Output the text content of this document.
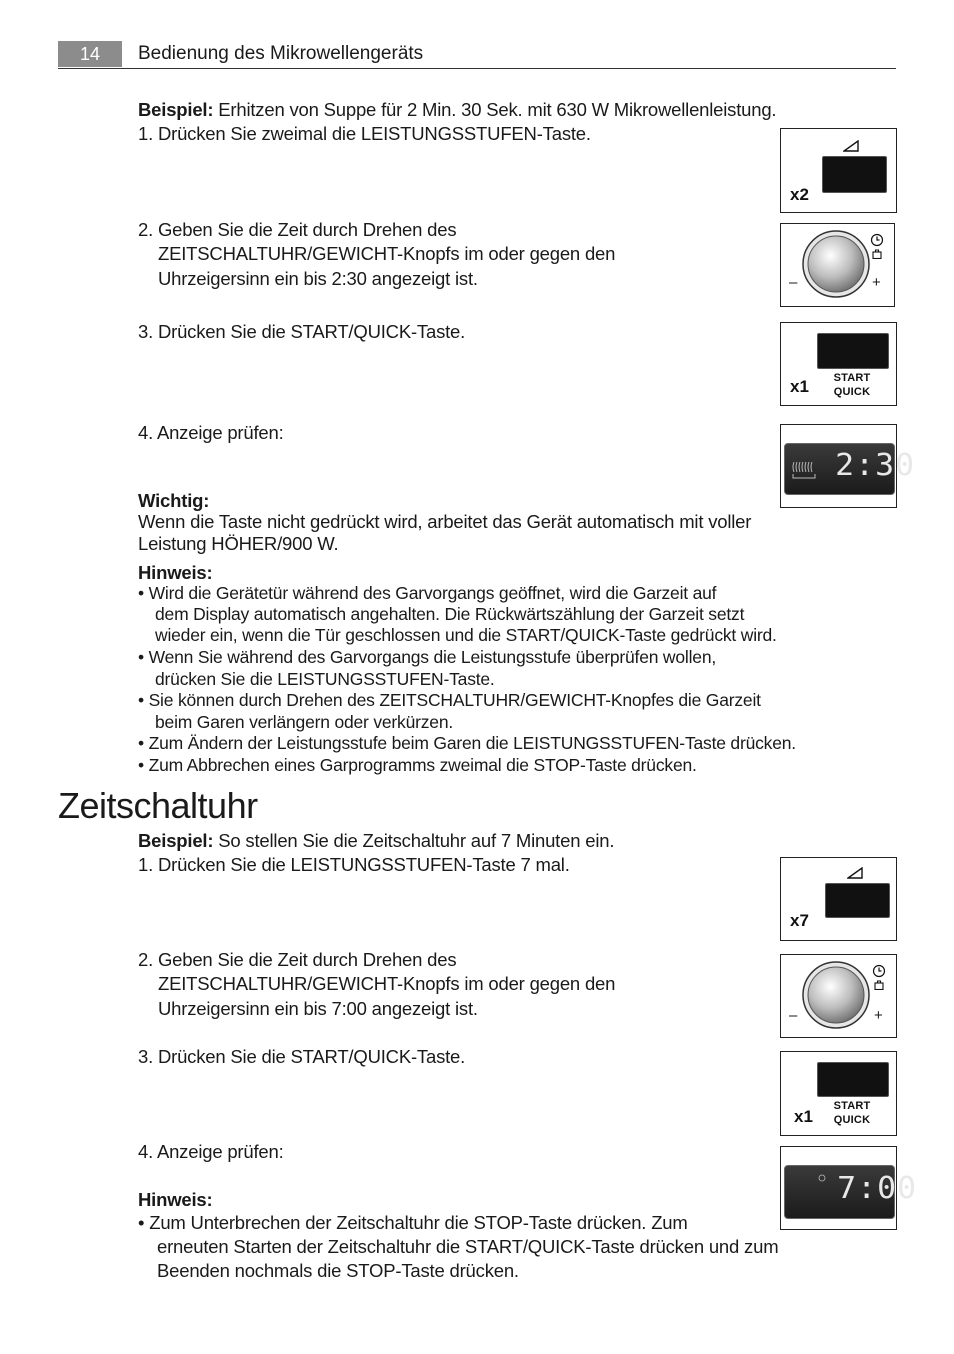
14	Bedienung des Mikrowellengeräts
Beispiel: Erhitzen von Suppe für 2 Min. 30 Sek. mit 630 W Mikrowellenleistung.
1. Drücken Sie zweimal die LEISTUNGSSTUFEN-Taste.
2. Geben Sie die Zeit durch Drehen des
ZEITSCHALTUHR/GEWICHT-Knopfs im oder gegen den
Uhrzeigersinn ein bis 2:30 angezeigt ist.
3. Drücken Sie die START/QUICK-Taste.
4. Anzeige prüfen:
x2
–	+
x1	START
QUICK
2:30
Wichtig:
Wenn die Taste nicht gedrückt wird, arbeitet das Gerät automatisch mit voller
Leistung HÖHER/900 W.
Hinweis:
• Wird die Gerätetür während des Garvorgangs geöffnet, wird die Garzeit auf
dem Display automatisch angehalten. Die Rückwärtszählung der Garzeit setzt
wieder ein, wenn die Tür geschlossen und die START/QUICK-Taste gedrückt wird.
• Wenn Sie während des Garvorgangs die Leistungsstufe überprüfen wollen,
drücken Sie die LEISTUNGSSTUFEN-Taste.
• Sie können durch Drehen des ZEITSCHALTUHR/GEWICHT-Knopfes die Garzeit
beim Garen verlängern oder verkürzen.
• Zum Ändern der Leistungsstufe beim Garen die LEISTUNGSSTUFEN-Taste drücken.
• Zum Abbrechen eines Garprogramms zweimal die STOP-Taste drücken.
Zeitschaltuhr
Beispiel: So stellen Sie die Zeitschaltuhr auf 7 Minuten ein.
1. Drücken Sie die LEISTUNGSSTUFEN-Taste 7 mal.
2. Geben Sie die Zeit durch Drehen des
ZEITSCHALTUHR/GEWICHT-Knopfs im oder gegen den
Uhrzeigersinn ein bis 7:00 angezeigt ist.
3. Drücken Sie die START/QUICK-Taste.
4. Anzeige prüfen:
x7
–	+
x1
START
QUICK
7:00
Hinweis:
• Zum Unterbrechen der Zeitschaltuhr die STOP-Taste drücken. Zum
erneuten Starten der Zeitschaltuhr die START/QUICK-Taste drücken und zum
Beenden nochmals die STOP-Taste drücken.
